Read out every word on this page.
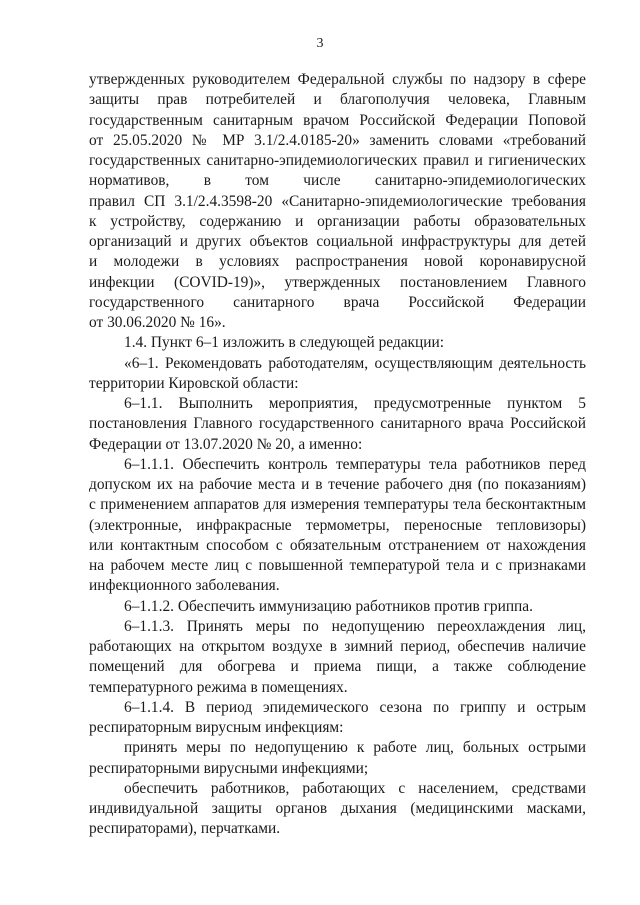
3
утвержденных руководителем Федеральной службы по надзору в сфере
защиты прав потребителей и благополучия человека, Главным
государственным санитарным врачом Российской Федерации Поповой
от 25.05.2020 № МР 3.1/2.4.0185-20» заменить словами «требований
государственных санитарно-эпидемиологических правил и гигиенических
нормативов, в том числе санитарно-эпидемиологических
правил СП 3.1/2.4.3598-20 «Санитарно-эпидемиологические требования
к устройству, содержанию и организации работы образовательных
организаций и других объектов социальной инфраструктуры для детей
и молодежи в условиях распространения новой коронавирусной
инфекции (COVID-19)», утвержденных постановлением Главного
государственного санитарного врача Российской Федерации
от 30.06.2020 № 16».
1.4. Пункт 6–1 изложить в следующей редакции:
«6–1. Рекомендовать работодателям, осуществляющим деятельность
территории Кировской области:
6–1.1. Выполнить мероприятия, предусмотренные пунктом 5
постановления Главного государственного санитарного врача Российской
Федерации от 13.07.2020 № 20, а именно:
6–1.1.1. Обеспечить контроль температуры тела работников перед
допуском их на рабочие места и в течение рабочего дня (по показаниям)
с применением аппаратов для измерения температуры тела бесконтактным
(электронные, инфракрасные термометры, переносные тепловизоры)
или контактным способом с обязательным отстранением от нахождения
на рабочем месте лиц с повышенной температурой тела и с признаками
инфекционного заболевания.
6–1.1.2. Обеспечить иммунизацию работников против гриппа.
6–1.1.3. Принять меры по недопущению переохлаждения лиц,
работающих на открытом воздухе в зимний период, обеспечив наличие
помещений для обогрева и приема пищи, а также соблюдение
температурного режима в помещениях.
6–1.1.4. В период эпидемического сезона по гриппу и острым
респираторным вирусным инфекциям:
принять меры по недопущению к работе лиц, больных острыми
респираторными вирусными инфекциями;
обеспечить работников, работающих с населением, средствами
индивидуальной защиты органов дыхания (медицинскими масками,
респираторами), перчатками.
